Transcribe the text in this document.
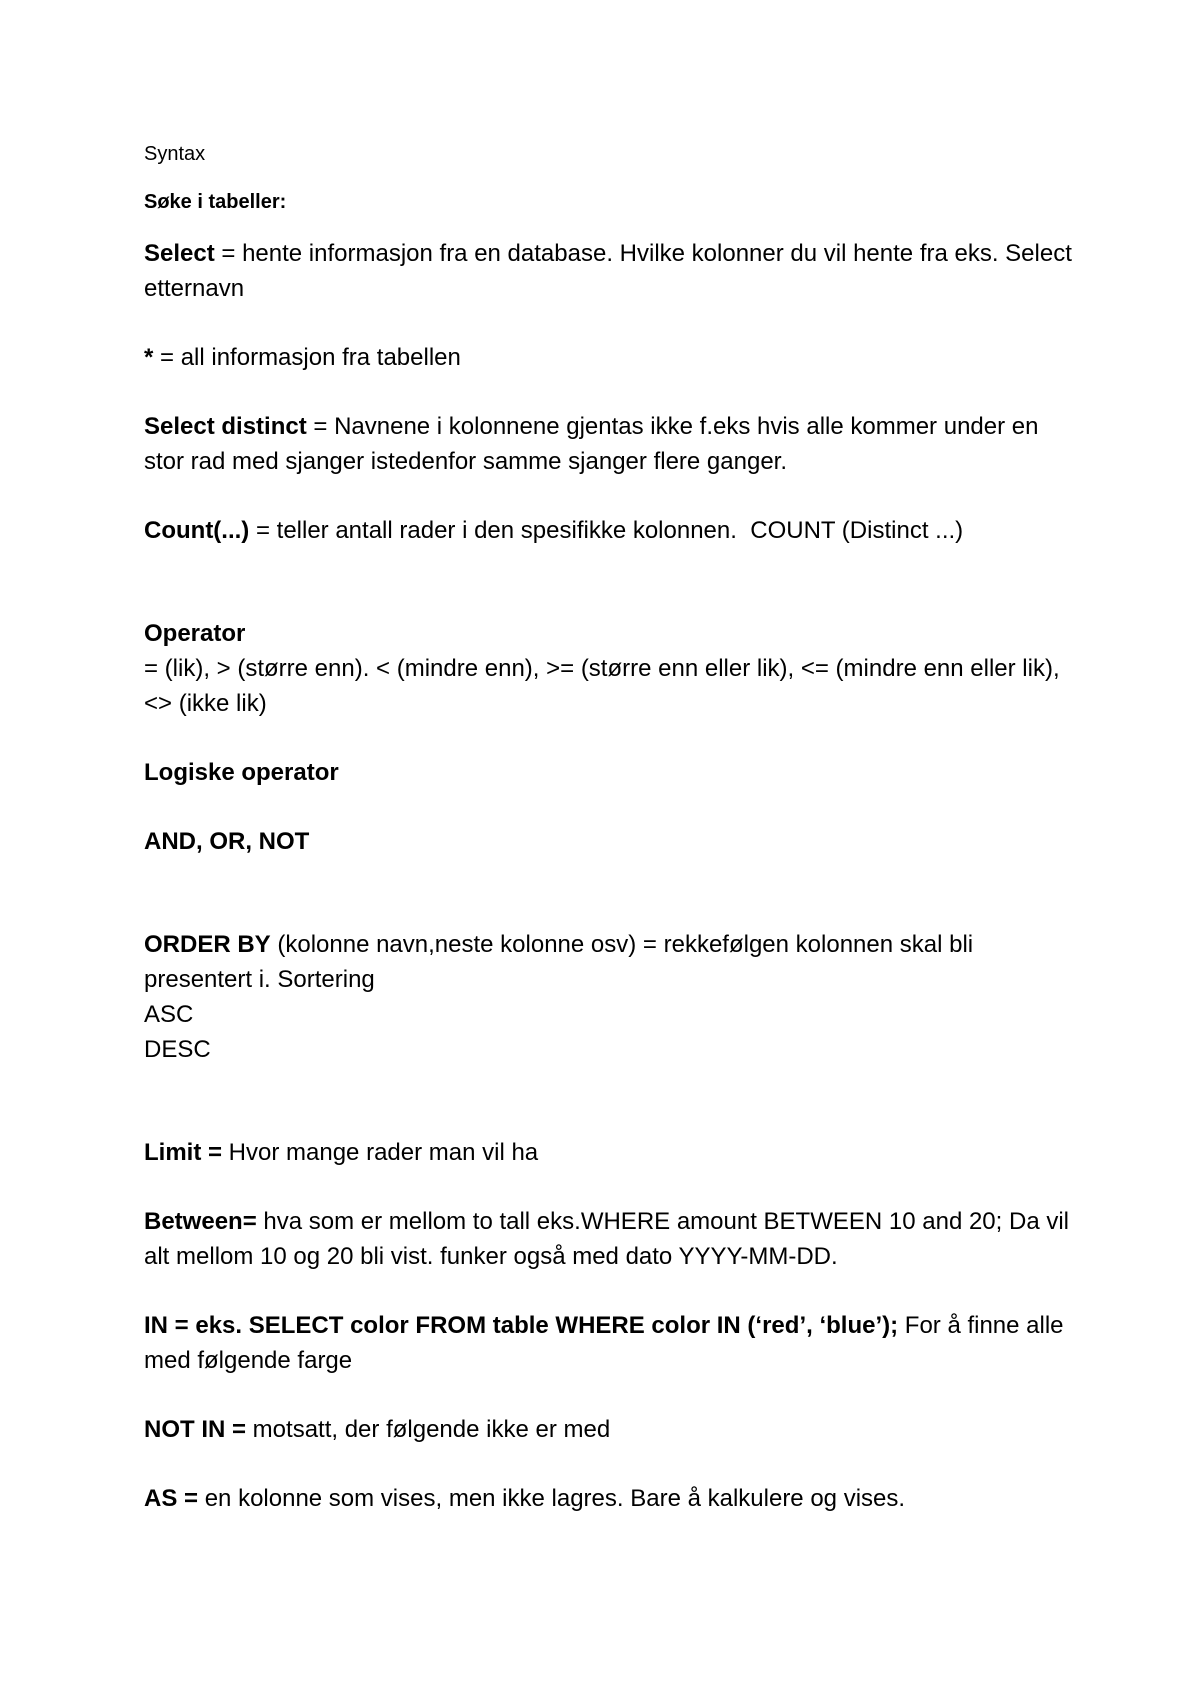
Syntax
Søke i tabeller:
Select = hente informasjon fra en database. Hvilke kolonner du vil hente fra eks. Select etternavn
* = all informasjon fra tabellen
Select distinct = Navnene i kolonnene gjentas ikke f.eks hvis alle kommer under en stor rad med sjanger istedenfor samme sjanger flere ganger.
Count(...) = teller antall rader i den spesifikke kolonnen.  COUNT (Distinct ...)
Operator
= (lik), > (større enn). < (mindre enn), >= (større enn eller lik), <= (mindre enn eller lik), <> (ikke lik)
Logiske operator
AND, OR, NOT
ORDER BY (kolonne navn,neste kolonne osv) = rekkefølgen kolonnen skal bli presentert i. Sortering
ASC
DESC
Limit = Hvor mange rader man vil ha
Between= hva som er mellom to tall eks.WHERE amount BETWEEN 10 and 20; Da vil alt mellom 10 og 20 bli vist. funker også med dato YYYY-MM-DD.
IN = eks. SELECT color FROM table WHERE color IN (‘red’, ‘blue’); For å finne alle med følgende farge
NOT IN = motsatt, der følgende ikke er med
AS = en kolonne som vises, men ikke lagres. Bare å kalkulere og vises.
